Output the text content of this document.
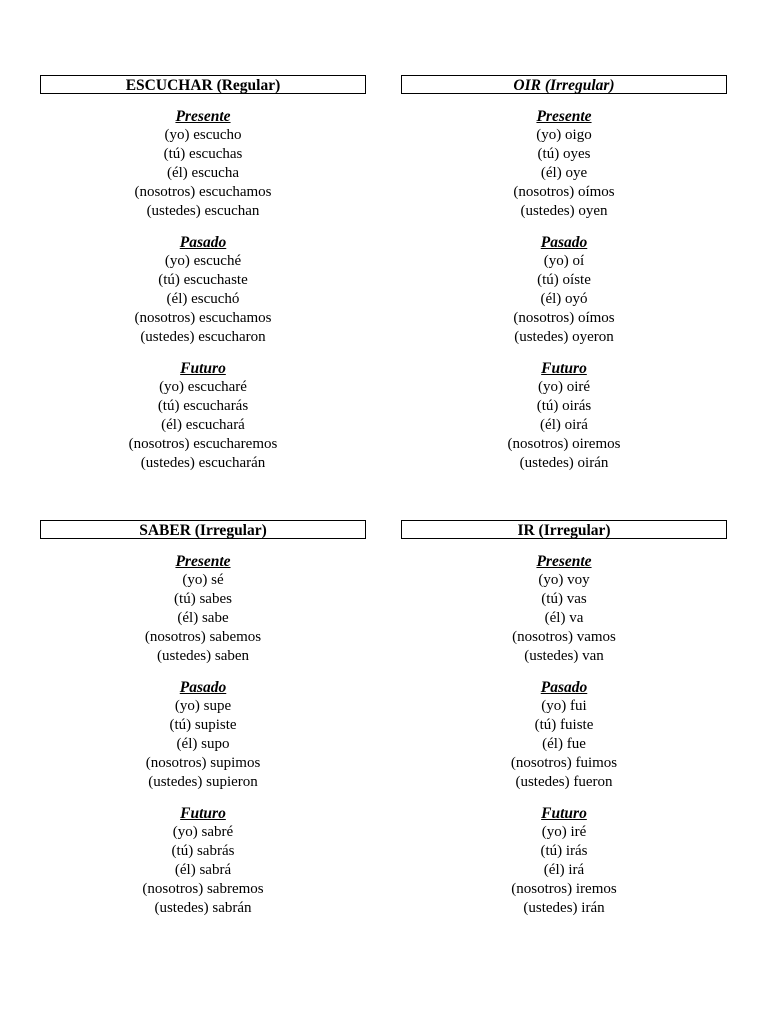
ESCUCHAR (Regular)
Presente
(yo) escucho
(tú) escuchas
(él) escucha
(nosotros) escuchamos
(ustedes) escuchan
Pasado
(yo) escuché
(tú) escuchaste
(él) escuchó
(nosotros) escuchamos
(ustedes) escucharon
Futuro
(yo) escucharé
(tú) escucharás
(él) escuchará
(nosotros) escucharemos
(ustedes) escucharán
OIR (Irregular)
Presente
(yo) oigo
(tú) oyes
(él) oye
(nosotros) oímos
(ustedes) oyen
Pasado
(yo) oí
(tú) oíste
(él) oyó
(nosotros) oímos
(ustedes) oyeron
Futuro
(yo) oiré
(tú) oirás
(él) oirá
(nosotros) oiremos
(ustedes) oirán
SABER (Irregular)
Presente
(yo) sé
(tú) sabes
(él) sabe
(nosotros) sabemos
(ustedes) saben
Pasado
(yo) supe
(tú) supiste
(él) supo
(nosotros) supimos
(ustedes) supieron
Futuro
(yo) sabré
(tú) sabrás
(él) sabrá
(nosotros) sabremos
(ustedes) sabrán
IR (Irregular)
Presente
(yo) voy
(tú) vas
(él) va
(nosotros) vamos
(ustedes) van
Pasado
(yo) fui
(tú) fuiste
(él) fue
(nosotros) fuimos
(ustedes) fueron
Futuro
(yo) iré
(tú) irás
(él) irá
(nosotros) iremos
(ustedes) irán
